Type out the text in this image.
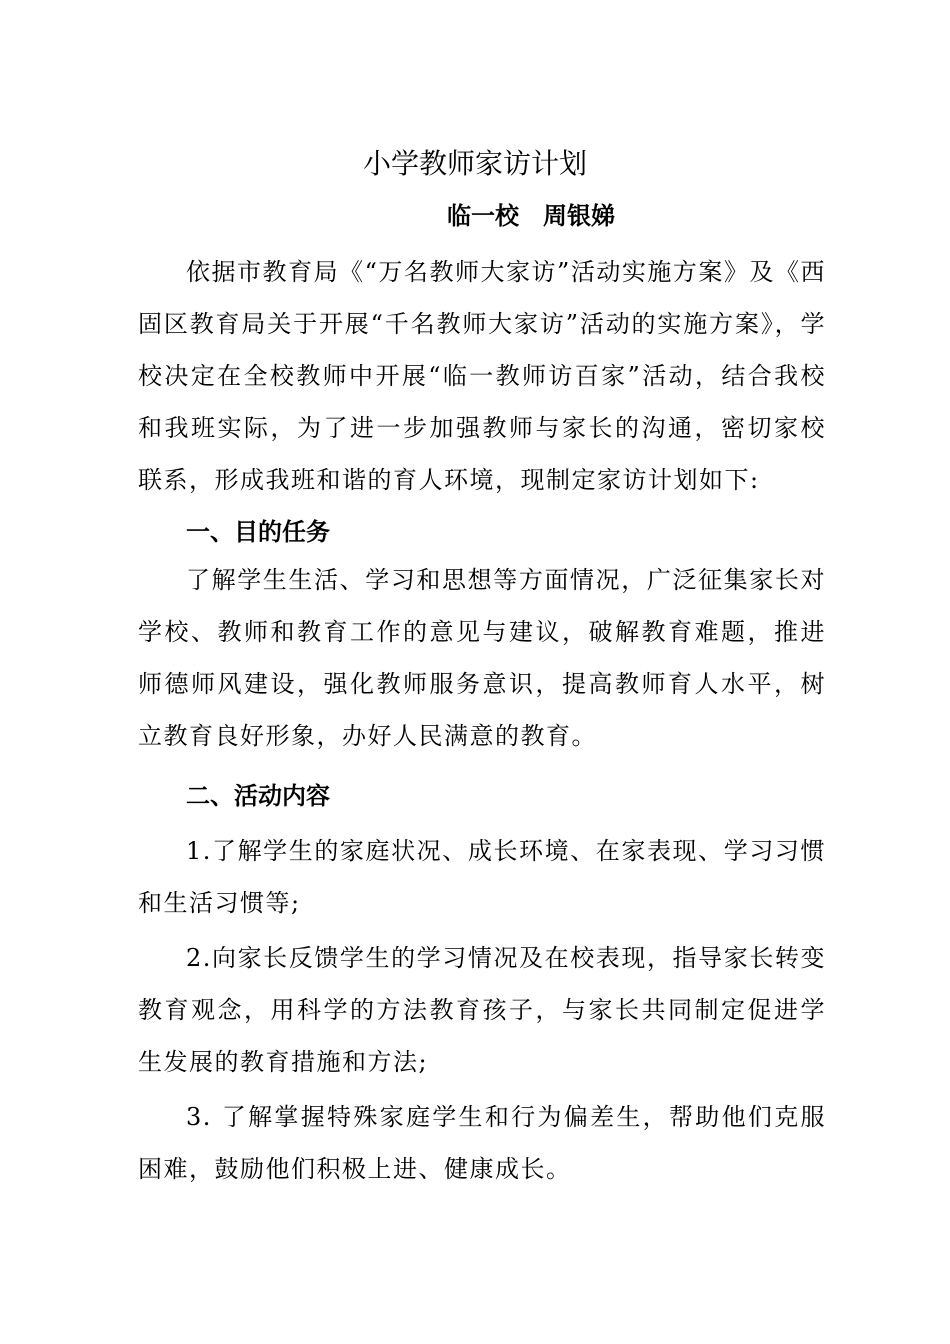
小学教师家访计划
临一校　周银娣

依据市教育局《“万名教师大家访”活动实施方案》及《西固区教育局关于开展“千名教师大家访”活动的实施方案》，学校决定在全校教师中开展“临一教师访百家”活动，结合我校和我班实际，为了进一步加强教师与家长的沟通，密切家校联系，形成我班和谐的育人环境，现制定家访计划如下:

一、目的任务

了解学生生活、学习和思想等方面情况，广泛征集家长对学校、教师和教育工作的意见与建议，破解教育难题，推进师德师风建设，强化教师服务意识，提高教师育人水平，树立教育良好形象，办好人民满意的教育。

二、活动内容

1.了解学生的家庭状况、成长环境、在家表现、学习习惯和生活习惯等;

2.向家长反馈学生的学习情况及在校表现，指导家长转变教育观念，用科学的方法教育孩子，与家长共同制定促进学生发展的教育措施和方法;

3. 了解掌握特殊家庭学生和行为偏差生，帮助他们克服困难，鼓励他们积极上进、健康成长。
